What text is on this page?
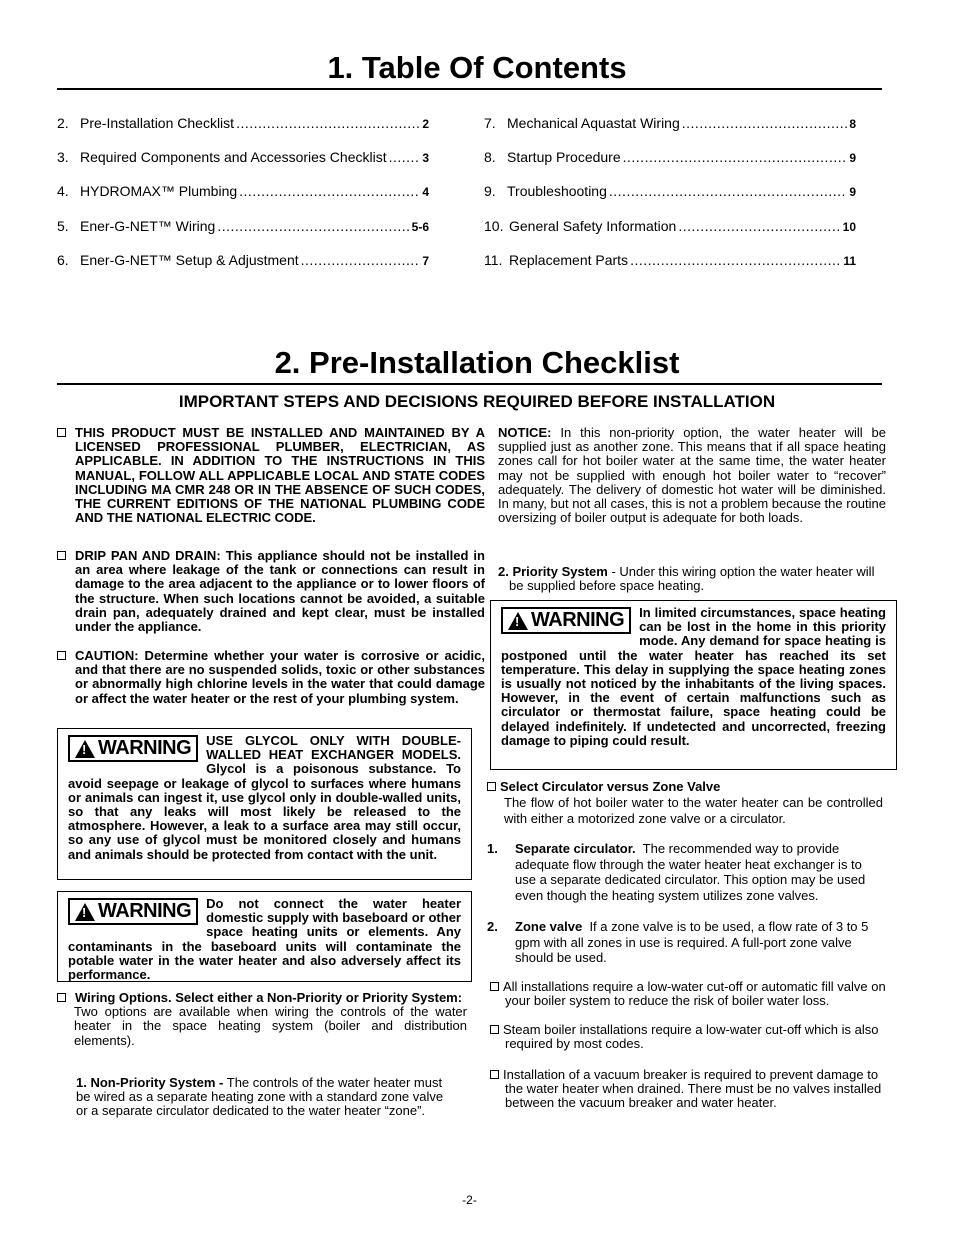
1. Table Of Contents
2. Pre-Installation Checklist .....	2
3. Required Components and Accessories Checklist .....	3
4. HYDROMAX™ Plumbing .....	4
5. Ener-G-NET™ Wiring .....	5-6
6. Ener-G-NET™ Setup & Adjustment .....	7
7. Mechanical Aquastat Wiring .....	8
8. Startup Procedure .....	9
9. Troubleshooting .....	9
10. General Safety Information .....	10
11. Replacement Parts .....	11
2. Pre-Installation Checklist
IMPORTANT STEPS AND DECISIONS REQUIRED BEFORE INSTALLATION
THIS PRODUCT MUST BE INSTALLED AND MAINTAINED BY A LICENSED PROFESSIONAL PLUMBER, ELECTRICIAN, AS APPLICABLE. IN ADDITION TO THE INSTRUCTIONS IN THIS MANUAL, FOLLOW ALL APPLICABLE LOCAL AND STATE CODES INCLUDING MA CMR 248 OR IN THE ABSENCE OF SUCH CODES, THE CURRENT EDITIONS OF THE NATIONAL PLUMBING CODE AND THE NATIONAL ELECTRIC CODE.
DRIP PAN AND DRAIN: This appliance should not be installed in an area where leakage of the tank or connections can result in damage to the area adjacent to the appliance or to lower floors of the structure. When such locations cannot be avoided, a suitable drain pan, adequately drained and kept clear, must be installed under the appliance.
CAUTION: Determine whether your water is corrosive or acidic, and that there are no suspended solids, toxic or other substances or abnormally high chlorine levels in the water that could damage or affect the water heater or the rest of your plumbing system.
!
WARNING	USE GLYCOL ONLY WITH DOUBLE-WALLED HEAT EXCHANGER MODELS. Glycol is a poisonous substance. To avoid seepage or leakage of glycol to surfaces where humans or animals can ingest it, use glycol only in double-walled units, so that any leaks will most likely be released to the atmosphere. However, a leak to a surface area may still occur, so any use of glycol must be monitored closely and humans and animals should be protected from contact with the unit.
!
WARNING	Do not connect the water heater domestic supply with baseboard or other space heating units or elements. Any contaminants in the baseboard units will contaminate the potable water in the water heater and also adversely affect its performance.
Wiring Options. Select either a Non-Priority or Priority System:
Two options are available when wiring the controls of the water heater in the space heating system (boiler and distribution elements).
1. Non-Priority System - The controls of the water heater must be wired as a separate heating zone with a standard zone valve or a separate circulator dedicated to the water heater “zone”.
NOTICE: In this non-priority option, the water heater will be supplied just as another zone. This means that if all space heating zones call for hot boiler water at the same time, the water heater may not be supplied with enough hot boiler water to “recover” adequately. The delivery of domestic hot water will be diminished. In many, but not all cases, this is not a problem because the routine oversizing of boiler output is adequate for both loads.
2. Priority System - Under this wiring option the water heater will be supplied before space heating.
!
WARNING	In limited circumstances, space heating can be lost in the home in this priority mode. Any demand for space heating is postponed until the water heater has reached its set temperature. This delay in supplying the space heating zones is usually not noticed by the inhabitants of the living spaces. However, in the event of certain malfunctions such as circulator or thermostat failure, space heating could be delayed indefinitely. If undetected and uncorrected, freezing damage to piping could result.
Select Circulator versus Zone Valve
The flow of hot boiler water to the water heater can be controlled with either a motorized zone valve or a circulator.
1.	Separate circulator. The recommended way to provide adequate flow through the water heater heat exchanger is to use a separate dedicated circulator. This option may be used even though the heating system utilizes zone valves.
2.	Zone valve If a zone valve is to be used, a flow rate of 3 to 5 gpm with all zones in use is required. A full-port zone valve should be used.
All installations require a low-water cut-off or automatic fill valve on your boiler system to reduce the risk of boiler water loss.
Steam boiler installations require a low-water cut-off which is also required by most codes.
Installation of a vacuum breaker is required to prevent damage to the water heater when drained. There must be no valves installed between the vacuum breaker and water heater.
-2-
